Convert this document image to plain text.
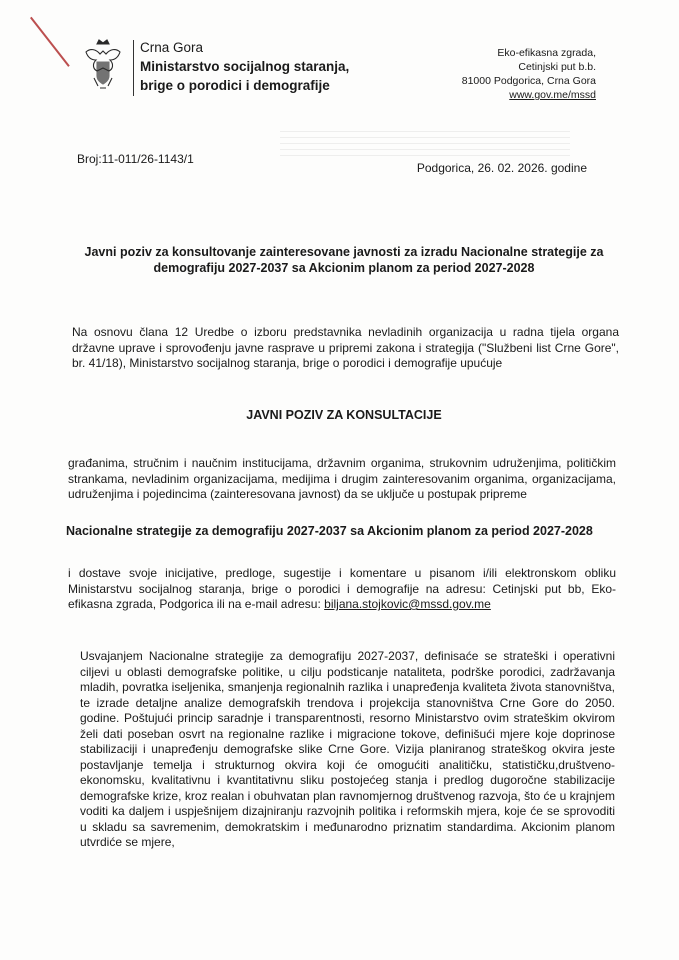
Crna Gora
Ministarstvo socijalnog staranja,
brige o porodici i demografije
Eko-efikasna zgrada,
Cetinjski put b.b.
81000 Podgorica, Crna Gora
www.gov.me/mssd
Broj:11-011/26-1143/1
Podgorica, 26. 02. 2026. godine
Javni poziv za konsultovanje zainteresovane javnosti za izradu Nacionalne strategije za demografiju 2027-2037 sa Akcionim planom za period 2027-2028
Na osnovu člana 12 Uredbe o izboru predstavnika nevladinih organizacija u radna tijela organa državne uprave i sprovođenju javne rasprave u pripremi zakona i strategija ("Službeni list Crne Gore", br. 41/18), Ministarstvo socijalnog staranja, brige o porodici i demografije upućuje
JAVNI POZIV ZA KONSULTACIJE
građanima, stručnim i naučnim institucijama, državnim organima, strukovnim udruženjima, političkim strankama, nevladinim organizacijama, medijima i drugim zainteresovanim organima, organizacijama, udruženjima i pojedincima (zainteresovana javnost) da se uključe u postupak pripreme
Nacionalne strategije za demografiju 2027-2037 sa Akcionim planom za period 2027-2028
i dostave svoje inicijative, predloge, sugestije i komentare u pisanom i/ili elektronskom obliku Ministarstvu socijalnog staranja, brige o porodici i demografije na adresu: Cetinjski put bb, Eko-efikasna zgrada, Podgorica ili na e-mail adresu: biljana.stojkovic@mssd.gov.me
Usvajanjem Nacionalne strategije za demografiju 2027-2037, definisaće se strateški i operativni ciljevi u oblasti demografske politike, u cilju podsticanje nataliteta, podrške porodici, zadržavanja mladih, povratka iseljenika, smanjenja regionalnih razlika i unapređenja kvaliteta života stanovništva, te izrade detaljne analize demografskih trendova i projekcija stanovništva Crne Gore do 2050. godine. Poštujući princip saradnje i transparentnosti, resorno Ministarstvo ovim strateškim okvirom želi dati poseban osvrt na regionalne razlike i migracione tokove, definišući mjere koje doprinose stabilizaciji i unapređenju demografske slike Crne Gore. Vizija planiranog strateškog okvira jeste postavljanje temelja i strukturnog okvira koji će omogućiti analitičku, statističku,društveno-ekonomsku, kvalitativnu i kvantitativnu sliku postojećeg stanja i predlog dugoročne stabilizacije demografske krize, kroz realan i obuhvatan plan ravnomjernog društvenog razvoja, što će u krajnjem voditi ka daljem i uspješnijem dizajniranju razvojnih politika i reformskih mjera, koje će se sprovoditi u skladu sa savremenim, demokratskim i međunarodno priznatim standardima. Akcionim planom utvrdiće se mjere,
